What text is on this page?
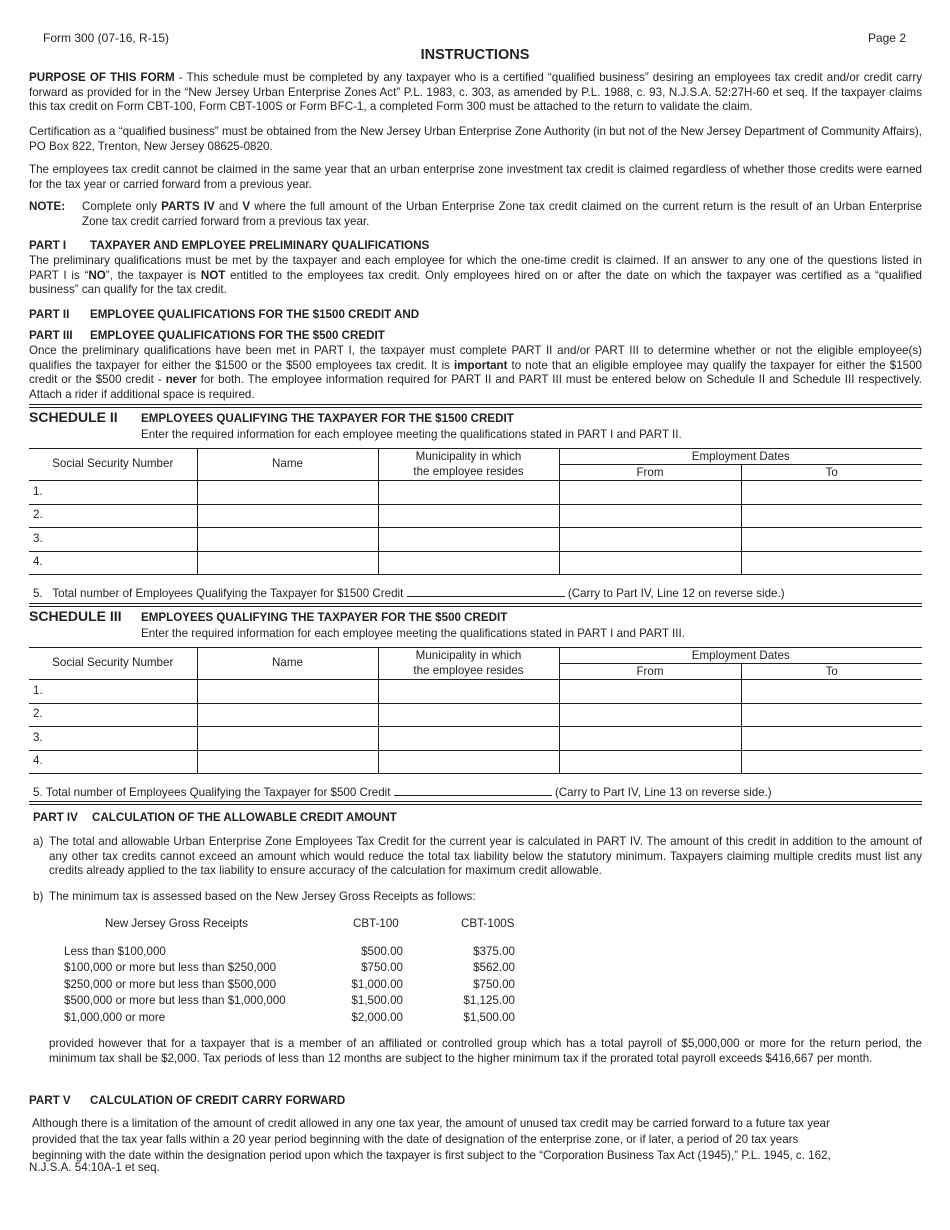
Form 300 (07-16, R-15)	Page 2
INSTRUCTIONS
PURPOSE OF THIS FORM - This schedule must be completed by any taxpayer who is a certified “qualified business” desiring an employees tax credit and/or credit carry forward as provided for in the “New Jersey Urban Enterprise Zones Act” P.L. 1983, c. 303, as amended by P.L. 1988, c. 93, N.J.S.A. 52:27H-60 et seq. If the taxpayer claims this tax credit on Form CBT-100, Form CBT-100S or Form BFC-1, a completed Form 300 must be attached to the return to validate the claim.
Certification as a “qualified business” must be obtained from the New Jersey Urban Enterprise Zone Authority (in but not of the New Jersey Department of Community Affairs), PO Box 822, Trenton, New Jersey 08625-0820.
The employees tax credit cannot be claimed in the same year that an urban enterprise zone investment tax credit is claimed regardless of whether those credits were earned for the tax year or carried forward from a previous year.
NOTE: Complete only PARTS IV and V where the full amount of the Urban Enterprise Zone tax credit claimed on the current return is the result of an Urban Enterprise Zone tax credit carried forward from a previous tax year.
PART I TAXPAYER AND EMPLOYEE PRELIMINARY QUALIFICATIONS
The preliminary qualifications must be met by the taxpayer and each employee for which the one-time credit is claimed. If an answer to any one of the questions listed in PART I is “NO”, the taxpayer is NOT entitled to the employees tax credit. Only employees hired on or after the date on which the taxpayer was certified as a “qualified business” can qualify for the tax credit.
PART II EMPLOYEE QUALIFICATIONS FOR THE $1500 CREDIT AND
PART III EMPLOYEE QUALIFICATIONS FOR THE $500 CREDIT
Once the preliminary qualifications have been met in PART I, the taxpayer must complete PART II and/or PART III to determine whether or not the eligible employee(s) qualifies the taxpayer for either the $1500 or the $500 employees tax credit. It is important to note that an eligible employee may qualify the taxpayer for either the $1500 credit or the $500 credit - never for both. The employee information required for PART II and PART III must be entered below on Schedule II and Schedule III respectively. Attach a rider if additional space is required.
SCHEDULE II EMPLOYEES QUALIFYING THE TAXPAYER FOR THE $1500 CREDIT
Enter the required information for each employee meeting the qualifications stated in PART I and PART II.
Social Security Number	Name	Municipality in which
the employee resides	Employment Dates	
			From	To
1.				
2.				
3.				
4.				
5. Total number of Employees Qualifying the Taxpayer for $1500 Credit	(Carry to Part IV, Line 12 on reverse side.)
SCHEDULE III EMPLOYEES QUALIFYING THE TAXPAYER FOR THE $500 CREDIT
Enter the required information for each employee meeting the qualifications stated in PART I and PART III.
Social Security Number	Name	Municipality in which
the employee resides	Employment Dates	
			From	To
1.				
2.				
3.				
4.				
5. Total number of Employees Qualifying the Taxpayer for $500 Credit	(Carry to Part IV, Line 13 on reverse side.)
PART IV CALCULATION OF THE ALLOWABLE CREDIT AMOUNT
a) The total and allowable Urban Enterprise Zone Employees Tax Credit for the current year is calculated in PART IV. The amount of this credit in addition to the amount of any other tax credits cannot exceed an amount which would reduce the total tax liability below the statutory minimum. Taxpayers claiming multiple credits must list any credits already applied to the tax liability to ensure accuracy of the calculation for maximum credit allowable.
b) The minimum tax is assessed based on the New Jersey Gross Receipts as follows:
New Jersey Gross Receipts	CBT-100	CBT-100S
Less than $100,000	$500.00	$375.00
$100,000 or more but less than $250,000	$750.00	$562.00
$250,000 or more but less than $500,000	$1,000.00	$750.00
$500,000 or more but less than $1,000,000	$1,500.00	$1,125.00
$1,000,000 or more	$2,000.00	$1,500.00
provided however that for a taxpayer that is a member of an affiliated or controlled group which has a total payroll of $5,000,000 or more for the return period, the minimum tax shall be $2,000. Tax periods of less than 12 months are subject to the higher minimum tax if the prorated total payroll exceeds $416,667 per month.
PART V CALCULATION OF CREDIT CARRY FORWARD
Although there is a limitation of the amount of credit allowed in any one tax year, the amount of unused tax credit may be carried forward to a future tax year
provided that the tax year falls within a 20 year period beginning with the date of designation of the enterprise zone, or if later, a period of 20 tax years
beginning with the date within the designation period upon which the taxpayer is first subject to the “Corporation Business Tax Act (1945),” P.L. 1945, c. 162,
N.J.S.A. 54:10A-1 et seq.
